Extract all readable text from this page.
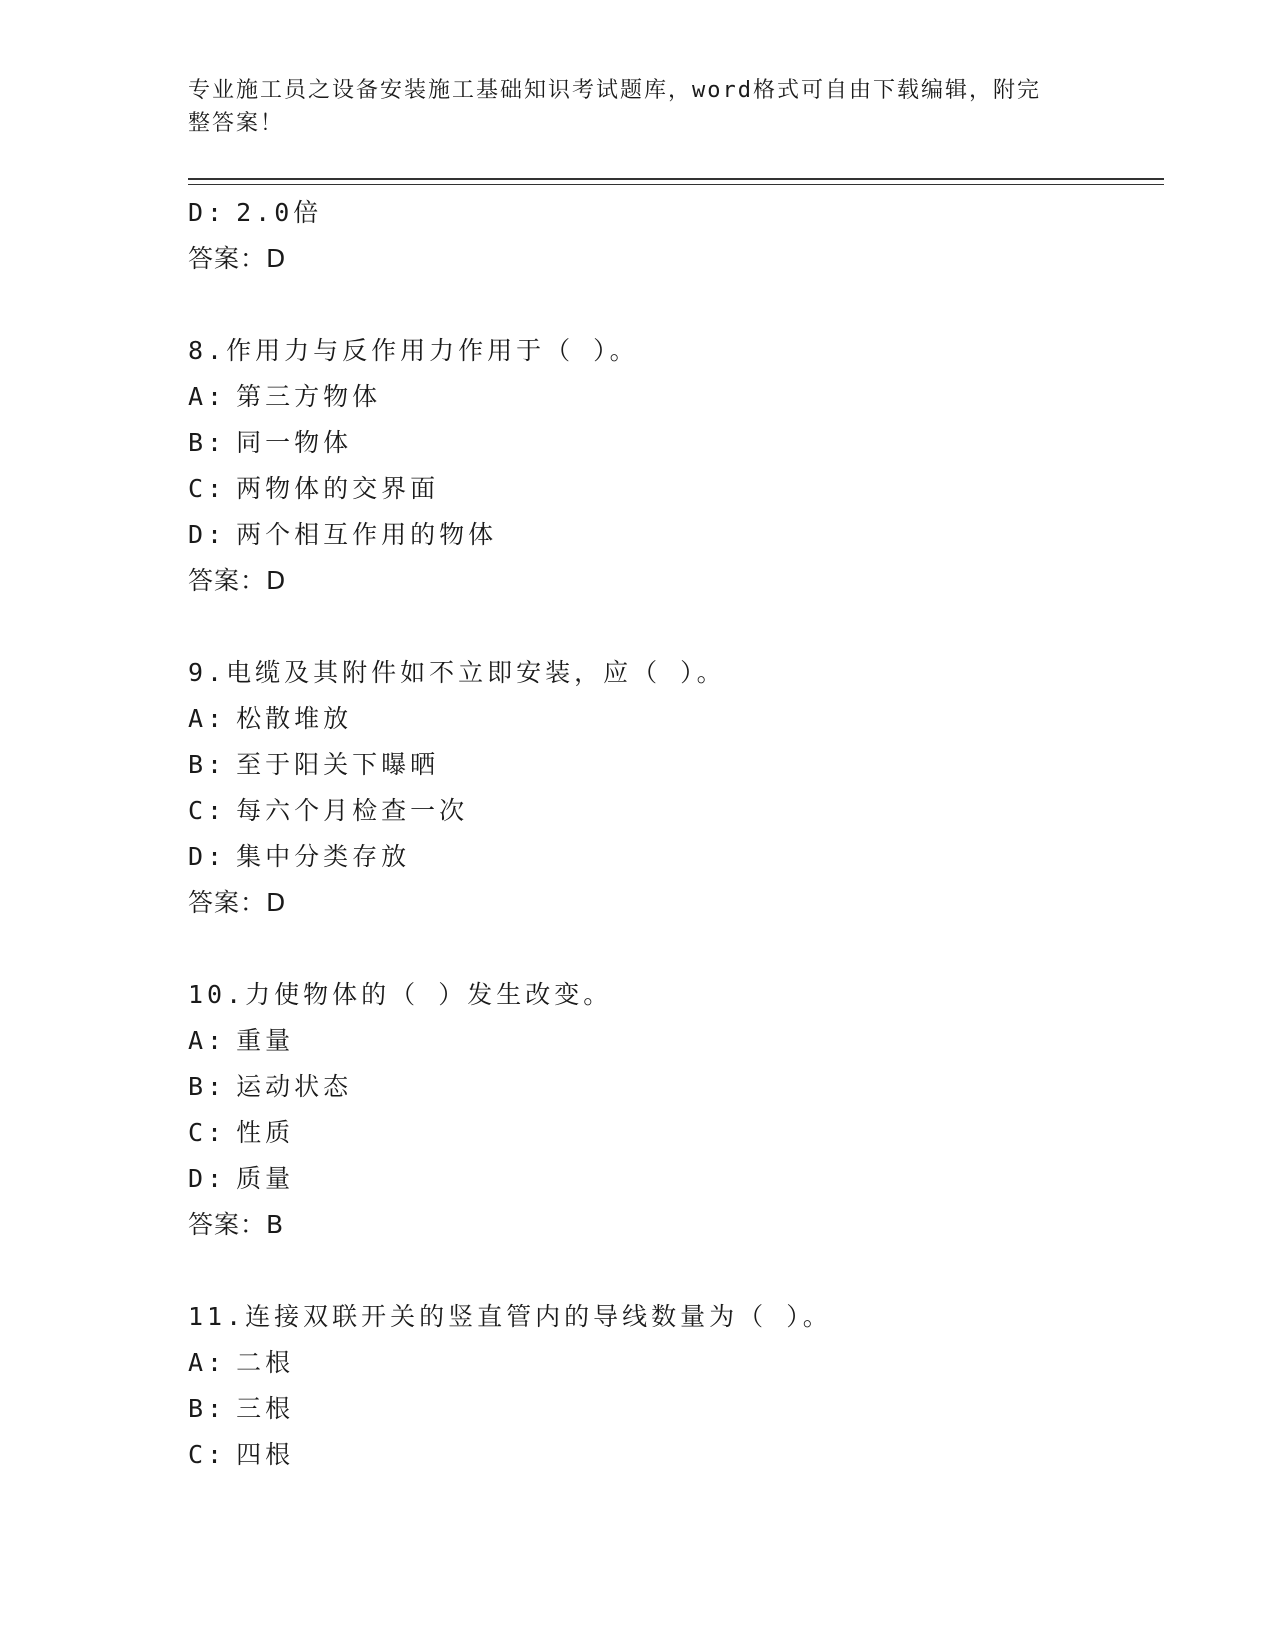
专业施工员之设备安装施工基础知识考试题库，word格式可自由下载编辑，附完
整答案！
D: 2.0倍
答案：D
8.作用力与反作用力作用于（ ）。
A: 第三方物体
B: 同一物体
C: 两物体的交界面
D: 两个相互作用的物体
答案：D
9.电缆及其附件如不立即安装，应（ ）。
A: 松散堆放
B: 至于阳关下曝晒
C: 每六个月检查一次
D: 集中分类存放
答案：D
10.力使物体的（ ）发生改变。
A: 重量
B: 运动状态
C: 性质
D: 质量
答案：B
11.连接双联开关的竖直管内的导线数量为（ ）。
A: 二根
B: 三根
C: 四根
